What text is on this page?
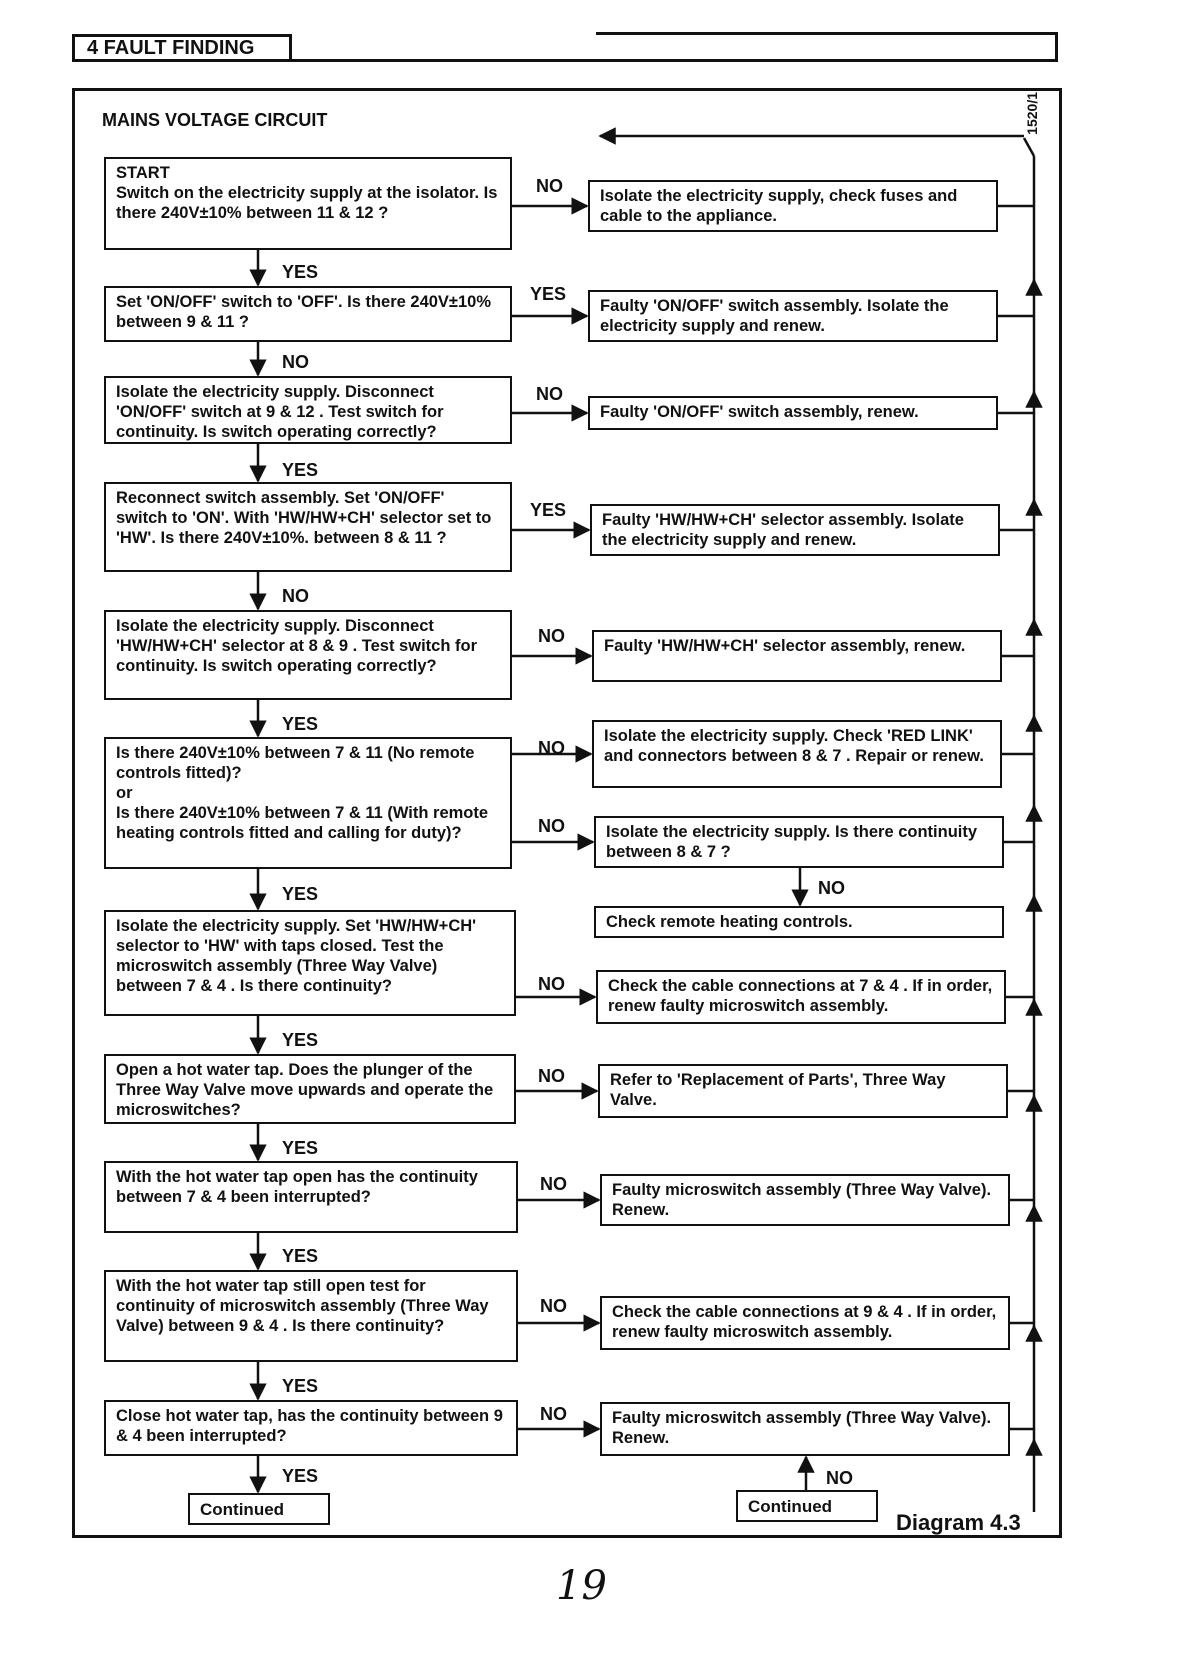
4 FAULT FINDING
MAINS VOLTAGE CIRCUIT	1520/1
START
Switch on the electricity supply at the isolator. Is there 240V±10% between 11 & 12 ?
Set 'ON/OFF' switch to 'OFF'. Is there 240V±10% between 9 & 11 ?
Isolate the electricity supply. Disconnect 'ON/OFF' switch at 9 & 12 . Test switch for continuity. Is switch operating correctly?
Reconnect switch assembly. Set 'ON/OFF' switch to 'ON'. With 'HW/HW+CH' selector set to 'HW'. Is there 240V±10%. between 8 & 11 ?
Isolate the electricity supply. Disconnect 'HW/HW+CH' selector at 8 & 9 . Test switch for continuity. Is switch operating correctly?
Is there 240V±10% between 7 & 11 (No remote controls fitted)?
or
Is there 240V±10% between 7 & 11 (With remote heating controls fitted and calling for duty)?
Isolate the electricity supply. Set 'HW/HW+CH' selector to 'HW' with taps closed. Test the microswitch assembly (Three Way Valve) between 7 & 4 . Is there continuity?
Open a hot water tap. Does the plunger of the Three Way Valve move upwards and operate the microswitches?
With the hot water tap open has the continuity between 7 & 4 been interrupted?
With the hot water tap still open test for continuity of microswitch assembly (Three Way Valve) between 9 & 4 . Is there continuity?
Close hot water tap, has the continuity between 9 & 4 been interrupted?
Isolate the electricity supply, check fuses and cable to the appliance.
Faulty 'ON/OFF' switch assembly. Isolate the electricity supply and renew.
Faulty 'ON/OFF' switch assembly, renew.
Faulty 'HW/HW+CH' selector assembly. Isolate the electricity supply and renew.
Faulty 'HW/HW+CH' selector assembly, renew.
Isolate the electricity supply. Check 'RED LINK' and connectors between 8 & 7 . Repair or renew.
Isolate the electricity supply. Is there continuity between 8 & 7 ?
Check remote heating controls.
Check the cable connections at 7 & 4 . If in order, renew faulty microswitch assembly.
Refer to 'Replacement of Parts', Three Way Valve.
Faulty microswitch assembly (Three Way Valve). Renew.
Check the cable connections at 9 & 4 . If in order, renew faulty microswitch assembly.
Faulty microswitch assembly (Three Way Valve). Renew.
NO
YES
NO
YES
NO
NO
NO
NO
NO
NO
NO
NO
YES
NO
YES
NO
YES
YES
YES
YES
YES
YES
YES
NO
NO
Continued	Continued
Diagram 4.3
19
